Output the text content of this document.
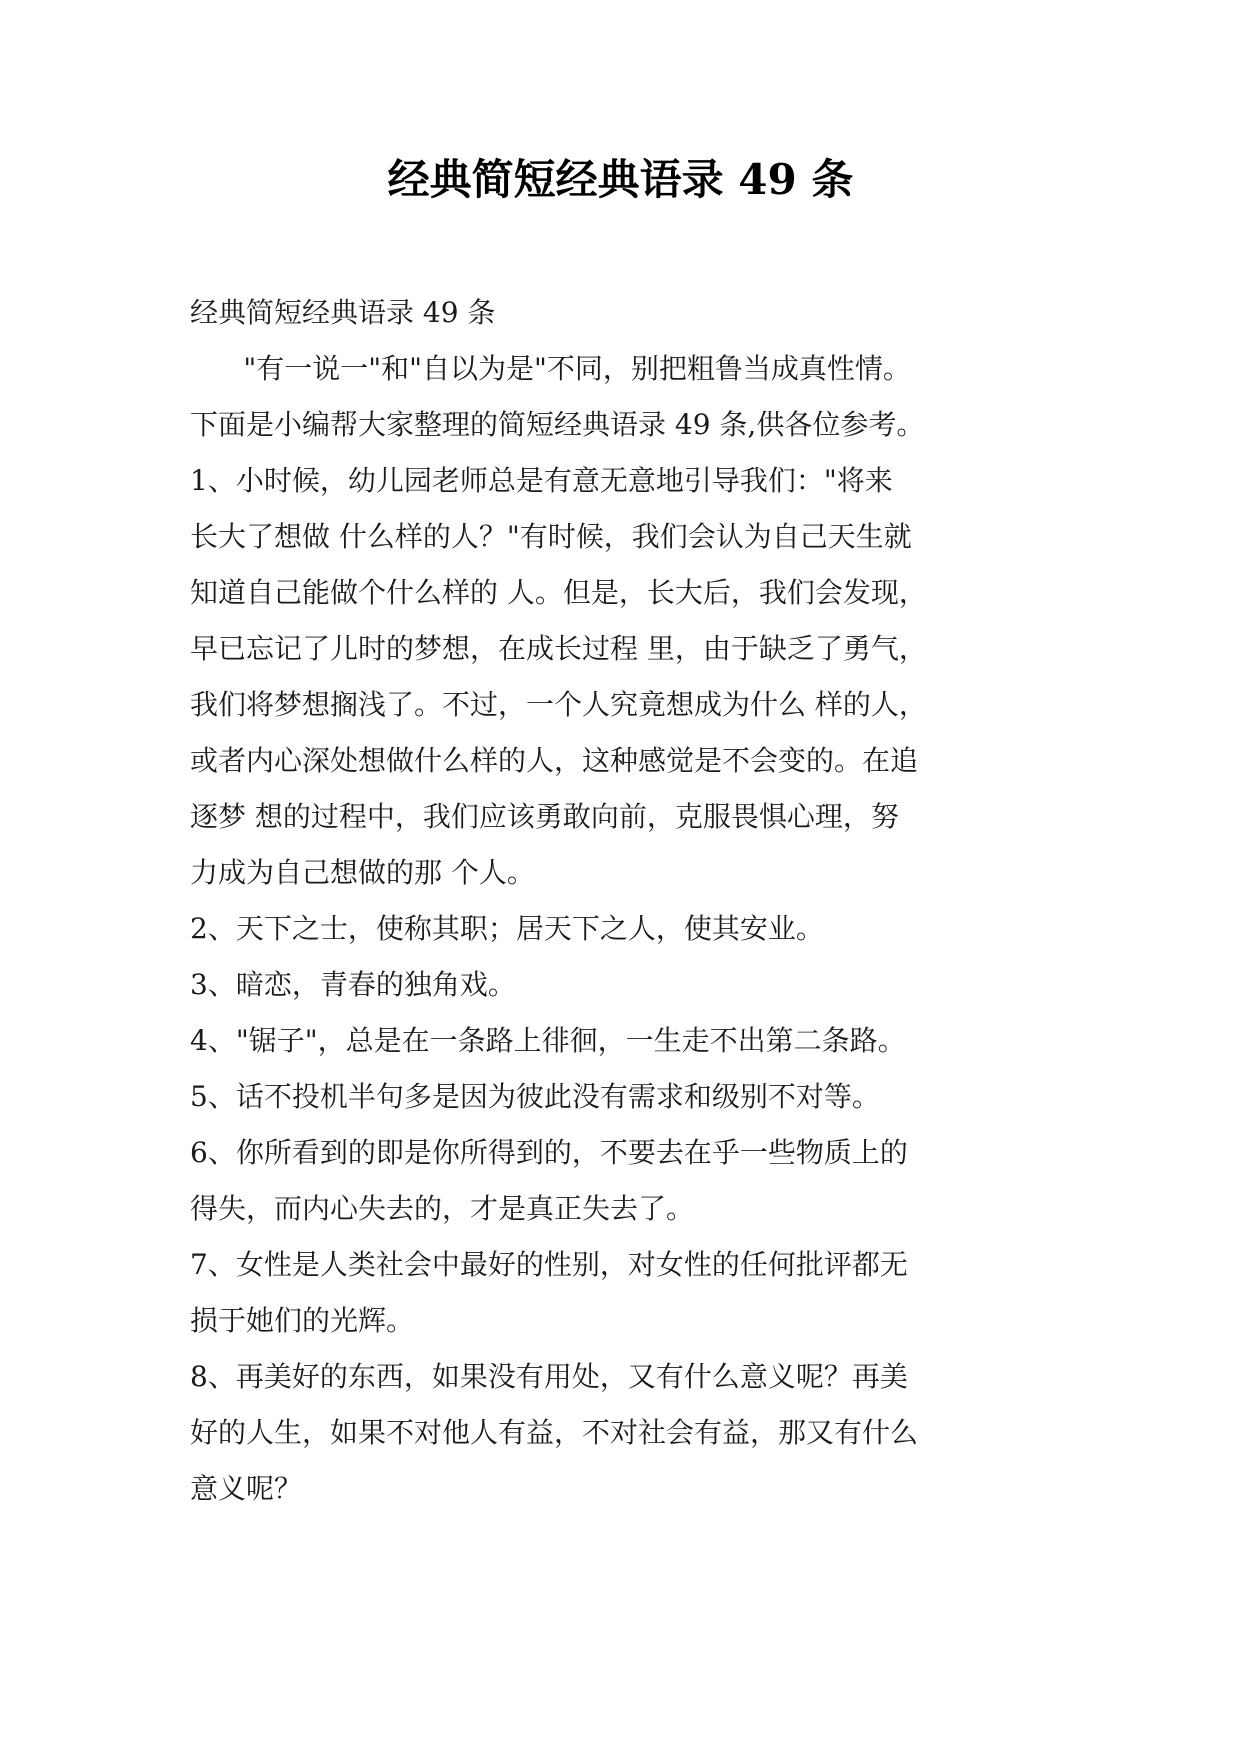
经典简短经典语录 49 条

经典简短经典语录 49 条

"有一说一"和"自以为是"不同，别把粗鲁当成真性情。

下面是小编帮大家整理的简短经典语录 49 条,供各位参考。

1、小时候，幼儿园老师总是有意无意地引导我们："将来

长大了想做 什么样的人？"有时候，我们会认为自己天生就

知道自己能做个什么样的 人。但是，长大后，我们会发现，

早已忘记了儿时的梦想，在成长过程 里，由于缺乏了勇气，

我们将梦想搁浅了。不过，一个人究竟想成为什么 样的人，

或者内心深处想做什么样的人，这种感觉是不会变的。在追

逐梦 想的过程中，我们应该勇敢向前，克服畏惧心理，努

力成为自己想做的那 个人。

2、天下之士，使称其职；居天下之人，使其安业。

3、暗恋，青春的独角戏。

4、"锯子"，总是在一条路上徘徊，一生走不出第二条路。

5、话不投机半句多是因为彼此没有需求和级别不对等。

6、你所看到的即是你所得到的，不要去在乎一些物质上的

得失，而内心失去的，才是真正失去了。

7、女性是人类社会中最好的性别，对女性的任何批评都无

损于她们的光辉。

8、再美好的东西，如果没有用处，又有什么意义呢？再美

好的人生，如果不对他人有益，不对社会有益，那又有什么

意义呢？
